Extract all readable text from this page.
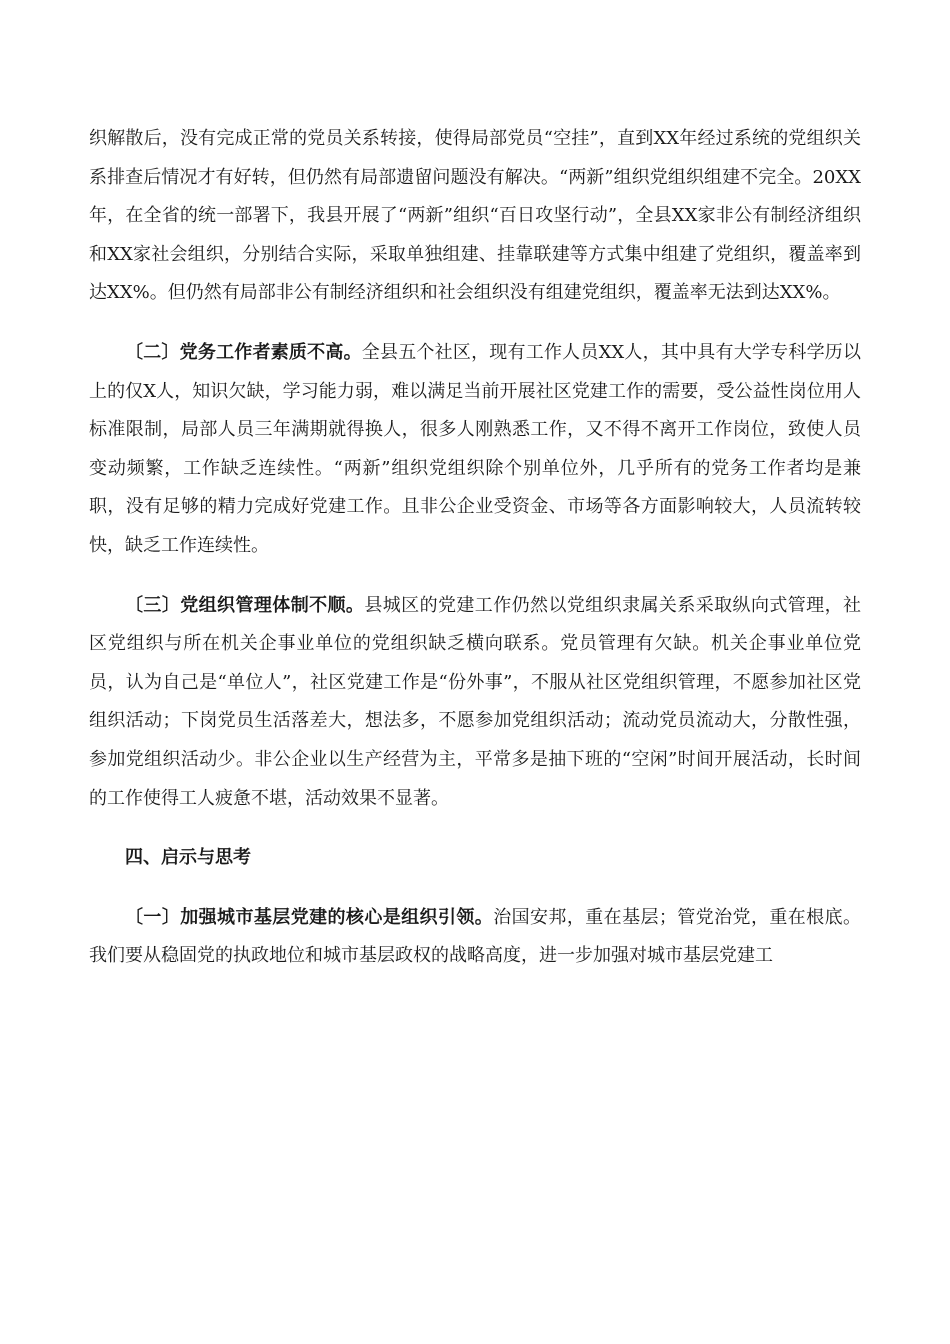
织解散后，没有完成正常的党员关系转接，使得局部党员“空挂”，直到XX年经过系统的党组织关系排查后情况才有好转，但仍然有局部遗留问题没有解决。“两新”组织党组织组建不完全。20XX年，在全省的统一部署下，我县开展了“两新”组织“百日攻坚行动”，全县XX家非公有制经济组织和XX家社会组织，分别结合实际，采取单独组建、挂靠联建等方式集中组建了党组织，覆盖率到达XX%。但仍然有局部非公有制经济组织和社会组织没有组建党组织，覆盖率无法到达XX%。

〔二〕党务工作者素质不高。全县五个社区，现有工作人员XX人，其中具有大学专科学历以上的仅X人，知识欠缺，学习能力弱，难以满足当前开展社区党建工作的需要，受公益性岗位用人标准限制，局部人员三年满期就得换人，很多人刚熟悉工作，又不得不离开工作岗位，致使人员变动频繁，工作缺乏连续性。“两新”组织党组织除个别单位外，几乎所有的党务工作者均是兼职，没有足够的精力完成好党建工作。且非公企业受资金、市场等各方面影响较大，人员流转较快，缺乏工作连续性。

〔三〕党组织管理体制不顺。县城区的党建工作仍然以党组织隶属关系采取纵向式管理，社区党组织与所在机关企事业单位的党组织缺乏横向联系。党员管理有欠缺。机关企事业单位党员，认为自己是“单位人”，社区党建工作是“份外事”，不服从社区党组织管理，不愿参加社区党组织活动；下岗党员生活落差大，想法多，不愿参加党组织活动；流动党员流动大，分散性强，参加党组织活动少。非公企业以生产经营为主，平常多是抽下班的“空闲”时间开展活动，长时间的工作使得工人疲惫不堪，活动效果不显著。

四、启示与思考

〔一〕加强城市基层党建的核心是组织引领。治国安邦，重在基层；管党治党，重在根底。我们要从稳固党的执政地位和城市基层政权的战略高度，进一步加强对城市基层党建工
